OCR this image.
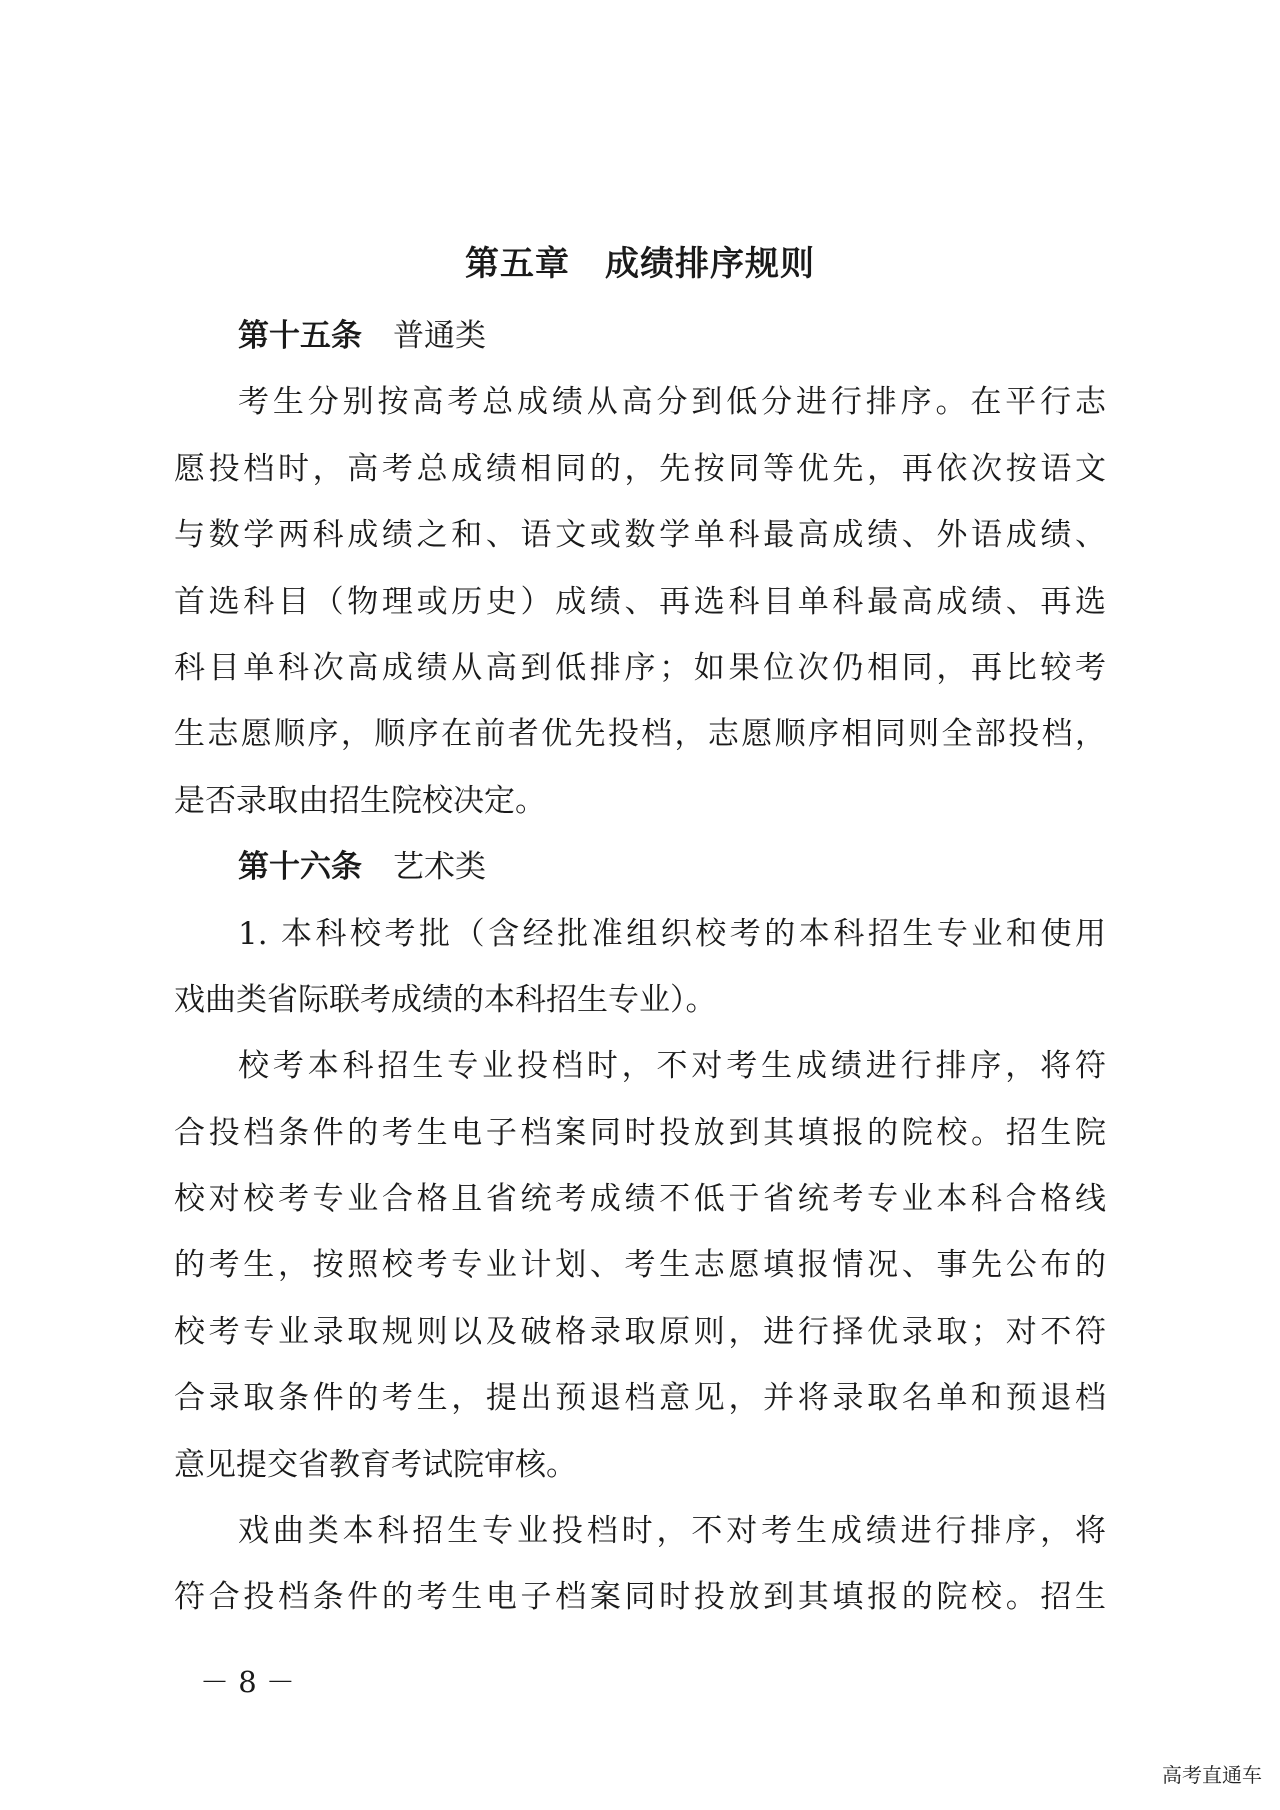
第五章　成绩排序规则
第十五条　 普通类
考生分别按高考总成绩从高分到低分进行排序。在平行志
愿投档时，高考总成绩相同的，先按同等优先，再依次按语文
与数学两科成绩之和、语文或数学单科最高成绩、外语成绩、
首选科目（物理或历史）成绩、再选科目单科最高成绩、再选
科目单科次高成绩从高到低排序；如果位次仍相同，再比较考
生志愿顺序，顺序在前者优先投档，志愿顺序相同则全部投档，
是否录取由招生院校决定。
第十六条　 艺术类
1. 本科校考批（含经批准组织校考的本科招生专业和使用
戏曲类省际联考成绩的本科招生专业）。
校考本科招生专业投档时，不对考生成绩进行排序，将符
合投档条件的考生电子档案同时投放到其填报的院校。招生院
校对校考专业合格且省统考成绩不低于省统考专业本科合格线
的考生，按照校考专业计划、考生志愿填报情况、事先公布的
校考专业录取规则以及破格录取原则，进行择优录取；对不符
合录取条件的考生，提出预退档意见，并将录取名单和预退档
意见提交省教育考试院审核。
戏曲类本科招生专业投档时，不对考生成绩进行排序，将
符合投档条件的考生电子档案同时投放到其填报的院校。招生
－ 8 －
高考直通车
